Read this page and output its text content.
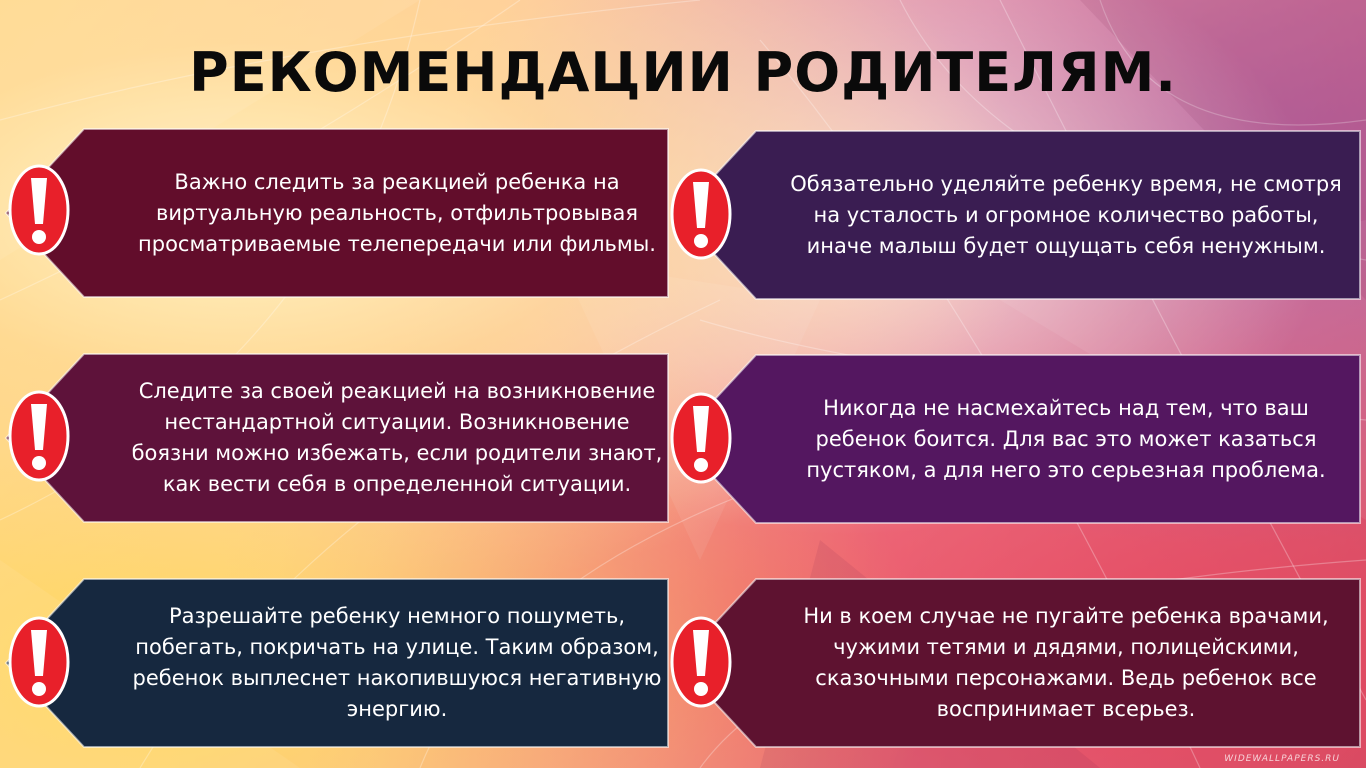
РЕКОМЕНДАЦИИ РОДИТЕЛЯМ.
Важно следить за реакцией ребенка на виртуальную реальность, отфильтровывая просматриваемые телепередачи или фильмы.
Обязательно уделяйте ребенку время, не смотря на усталость и огромное количество работы, иначе малыш будет ощущать себя ненужным.
Следите за своей реакцией на возникновение нестандартной ситуации. Возникновение боязни можно избежать, если родители знают, как вести себя в определенной ситуации.
Никогда не насмехайтесь над тем, что ваш ребенок боится. Для вас это может казаться пустяком, а для него это серьезная проблема.
Разрешайте ребенку немного пошуметь, побегать, покричать на улице. Таким образом, ребенок выплеснет накопившуюся негативную энергию.
Ни в коем случае не пугайте ребенка врачами, чужими тетями и дядями, полицейскими, сказочными персонажами. Ведь ребенок все воспринимает всерьез.
WIDEWALLPAPERS.RU
